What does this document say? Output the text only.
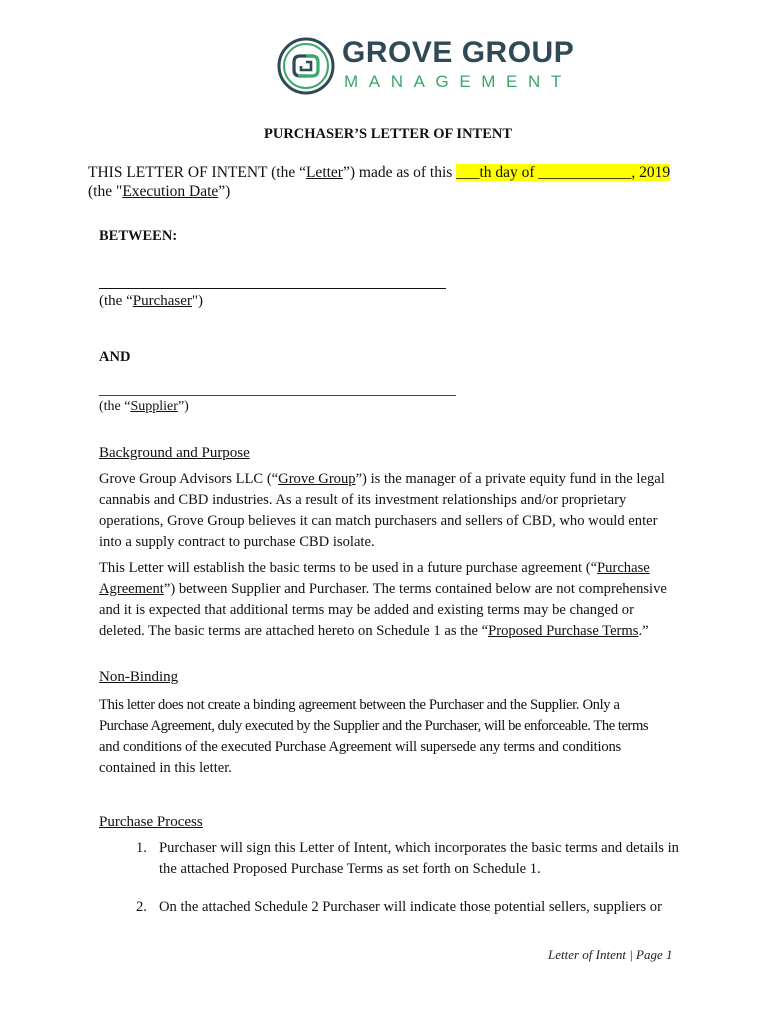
GROVE GROUP
MANAGEMENT
PURCHASER’S LETTER OF INTENT
THIS LETTER OF INTENT (the “Letter”) made as of this ___th day of ____________, 2019
(the "Execution Date”)
BETWEEN:
(the “Purchaser")
AND
(the “Supplier”)
Background and Purpose
Grove Group Advisors LLC (“Grove Group”) is the manager of a private equity fund in the legal
cannabis and CBD industries. As a result of its investment relationships and/or proprietary
operations, Grove Group believes it can match purchasers and sellers of CBD, who would enter
into a supply contract to purchase CBD isolate.
This Letter will establish the basic terms to be used in a future purchase agreement (“Purchase
Agreement”) between Supplier and Purchaser. The terms contained below are not comprehensive
and it is expected that additional terms may be added and existing terms may be changed or
deleted. The basic terms are attached hereto on Schedule 1 as the “Proposed Purchase Terms.”
Non-Binding
This letter does not create a binding agreement between the Purchaser and the Supplier. Only a
Purchase Agreement, duly executed by the Supplier and the Purchaser, will be enforceable. The terms
and conditions of the executed Purchase Agreement will supersede any terms and conditions
contained in this letter.
Purchase Process
1. Purchaser will sign this Letter of Intent, which incorporates the basic terms and details in
the attached Proposed Purchase Terms as set forth on Schedule 1.
2. On the attached Schedule 2 Purchaser will indicate those potential sellers, suppliers or
Letter of Intent | Page 1
